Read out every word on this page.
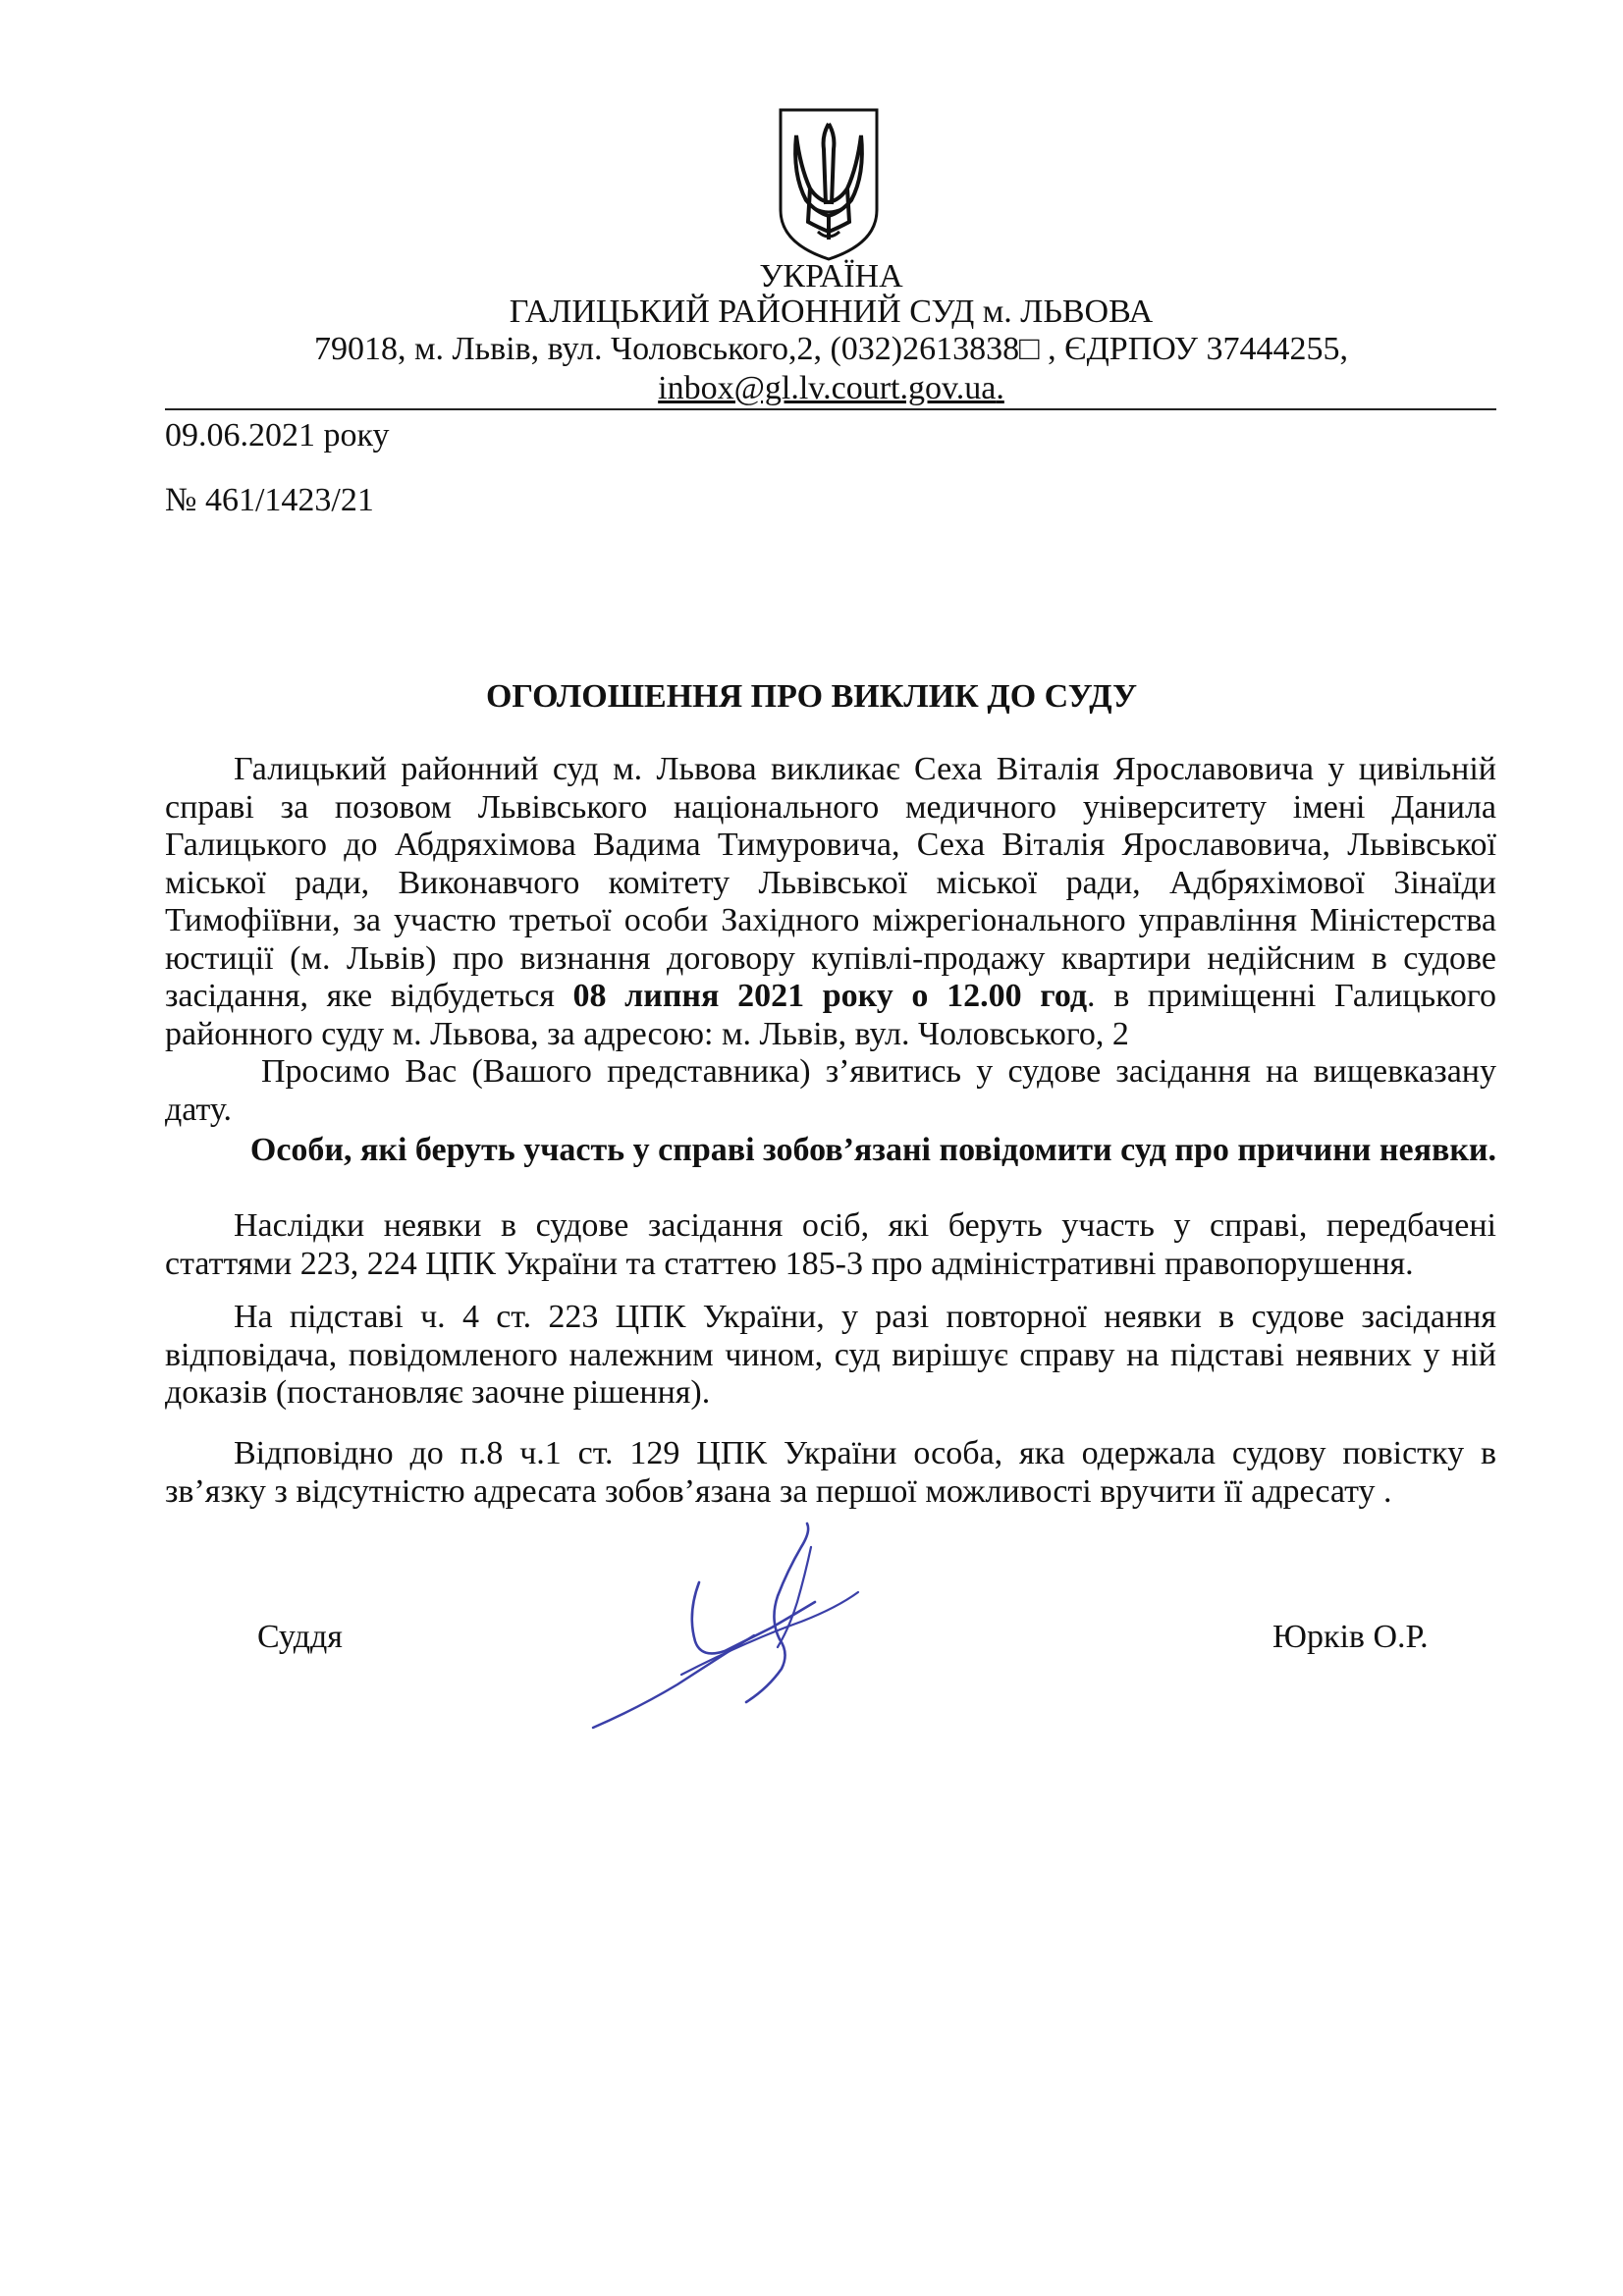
УКРАЇНА
ГАЛИЦЬКИЙ РАЙОННИЙ СУД м. ЛЬВОВА
79018, м. Львів, вул. Чоловського,2, (032)2613838□ , ЄДРПОУ 37444255,
inbox@gl.lv.court.gov.ua.
09.06.2021 року
№ 461/1423/21
ОГОЛОШЕННЯ ПРО ВИКЛИК ДО СУДУ
Галицький районний суд м. Львова викликає Сеха Віталія Ярославовича у цивільній справі за позовом Львівського національного медичного університету імені Данила Галицького до Абдряхімова Вадима Тимуровича, Сеха Віталія Ярославовича, Львівської міської ради, Виконавчого комітету Львівської міської ради, Адбряхімової Зінаїди Тимофіївни, за участю третьої особи Західного міжрегіонального управління Міністерства юстиції (м. Львів) про визнання договору купівлі-продажу квартири недійсним в судове засідання, яке відбудеться 08 липня 2021 року о 12.00 год. в приміщенні Галицького районного суду м. Львова, за адресою: м. Львів, вул. Чоловського, 2
Просимо Вас (Вашого представника) з’явитись у судове засідання на вищевказану дату.
Особи, які беруть участь у справі зобов’язані повідомити суд про причини неявки.
Наслідки неявки в судове засідання осіб, які беруть участь у справі, передбачені статтями 223, 224 ЦПК України та статтею 185-3 про адміністративні правопорушення.
На підставі ч. 4 ст. 223 ЦПК України, у разі повторної неявки в судове засідання відповідача, повідомленого належним чином, суд вирішує справу на підставі неявних у ній доказів (постановляє заочне рішення).
Відповідно до п.8 ч.1 ст. 129 ЦПК України особа, яка одержала судову повістку в зв’язку з відсутністю адресата зобов’язана за першої можливості вручити її адресату .
Суддя	Юрків О.Р.
